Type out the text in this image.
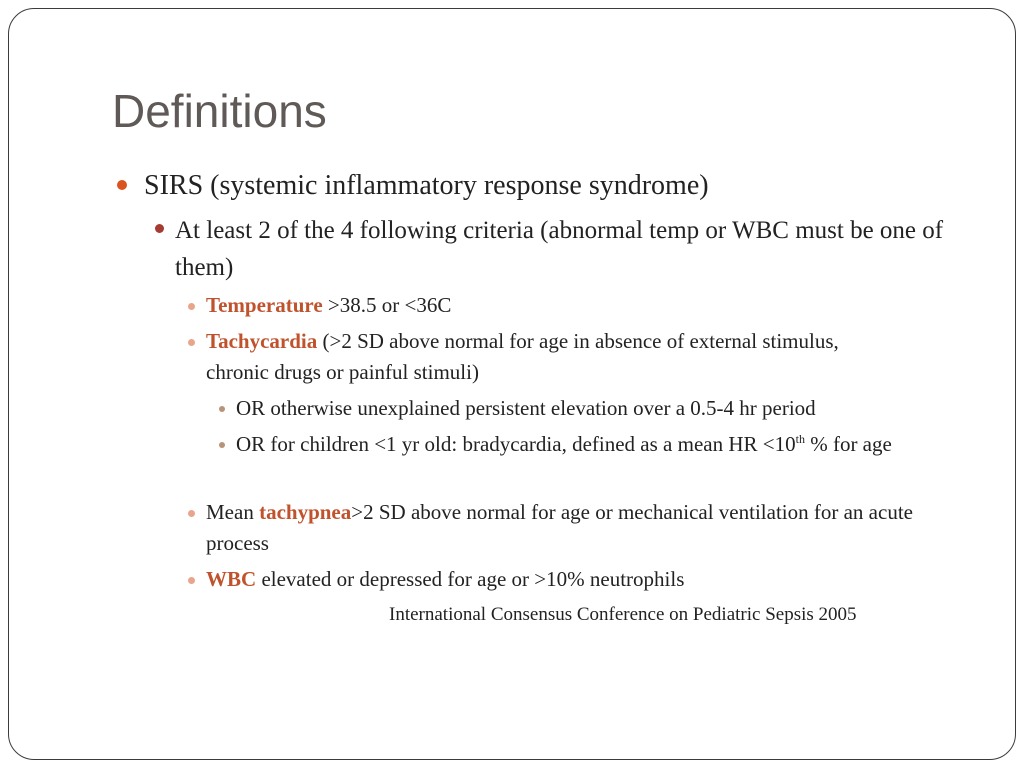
Definitions

SIRS (systemic inflammatory response syndrome)

At least 2 of the 4 following criteria (abnormal temp or WBC must be one of them)

Temperature >38.5 or <36C

Tachycardia (>2 SD above normal for age in absence of external stimulus, chronic drugs or painful stimuli)

OR otherwise unexplained persistent elevation over a 0.5-4 hr period

OR for children <1 yr old: bradycardia, defined as a mean HR <10th % for age

Mean tachypnea>2 SD above normal for age or mechanical ventilation for an acute process

WBC elevated or depressed for age or >10% neutrophils

International Consensus Conference on Pediatric Sepsis 2005
